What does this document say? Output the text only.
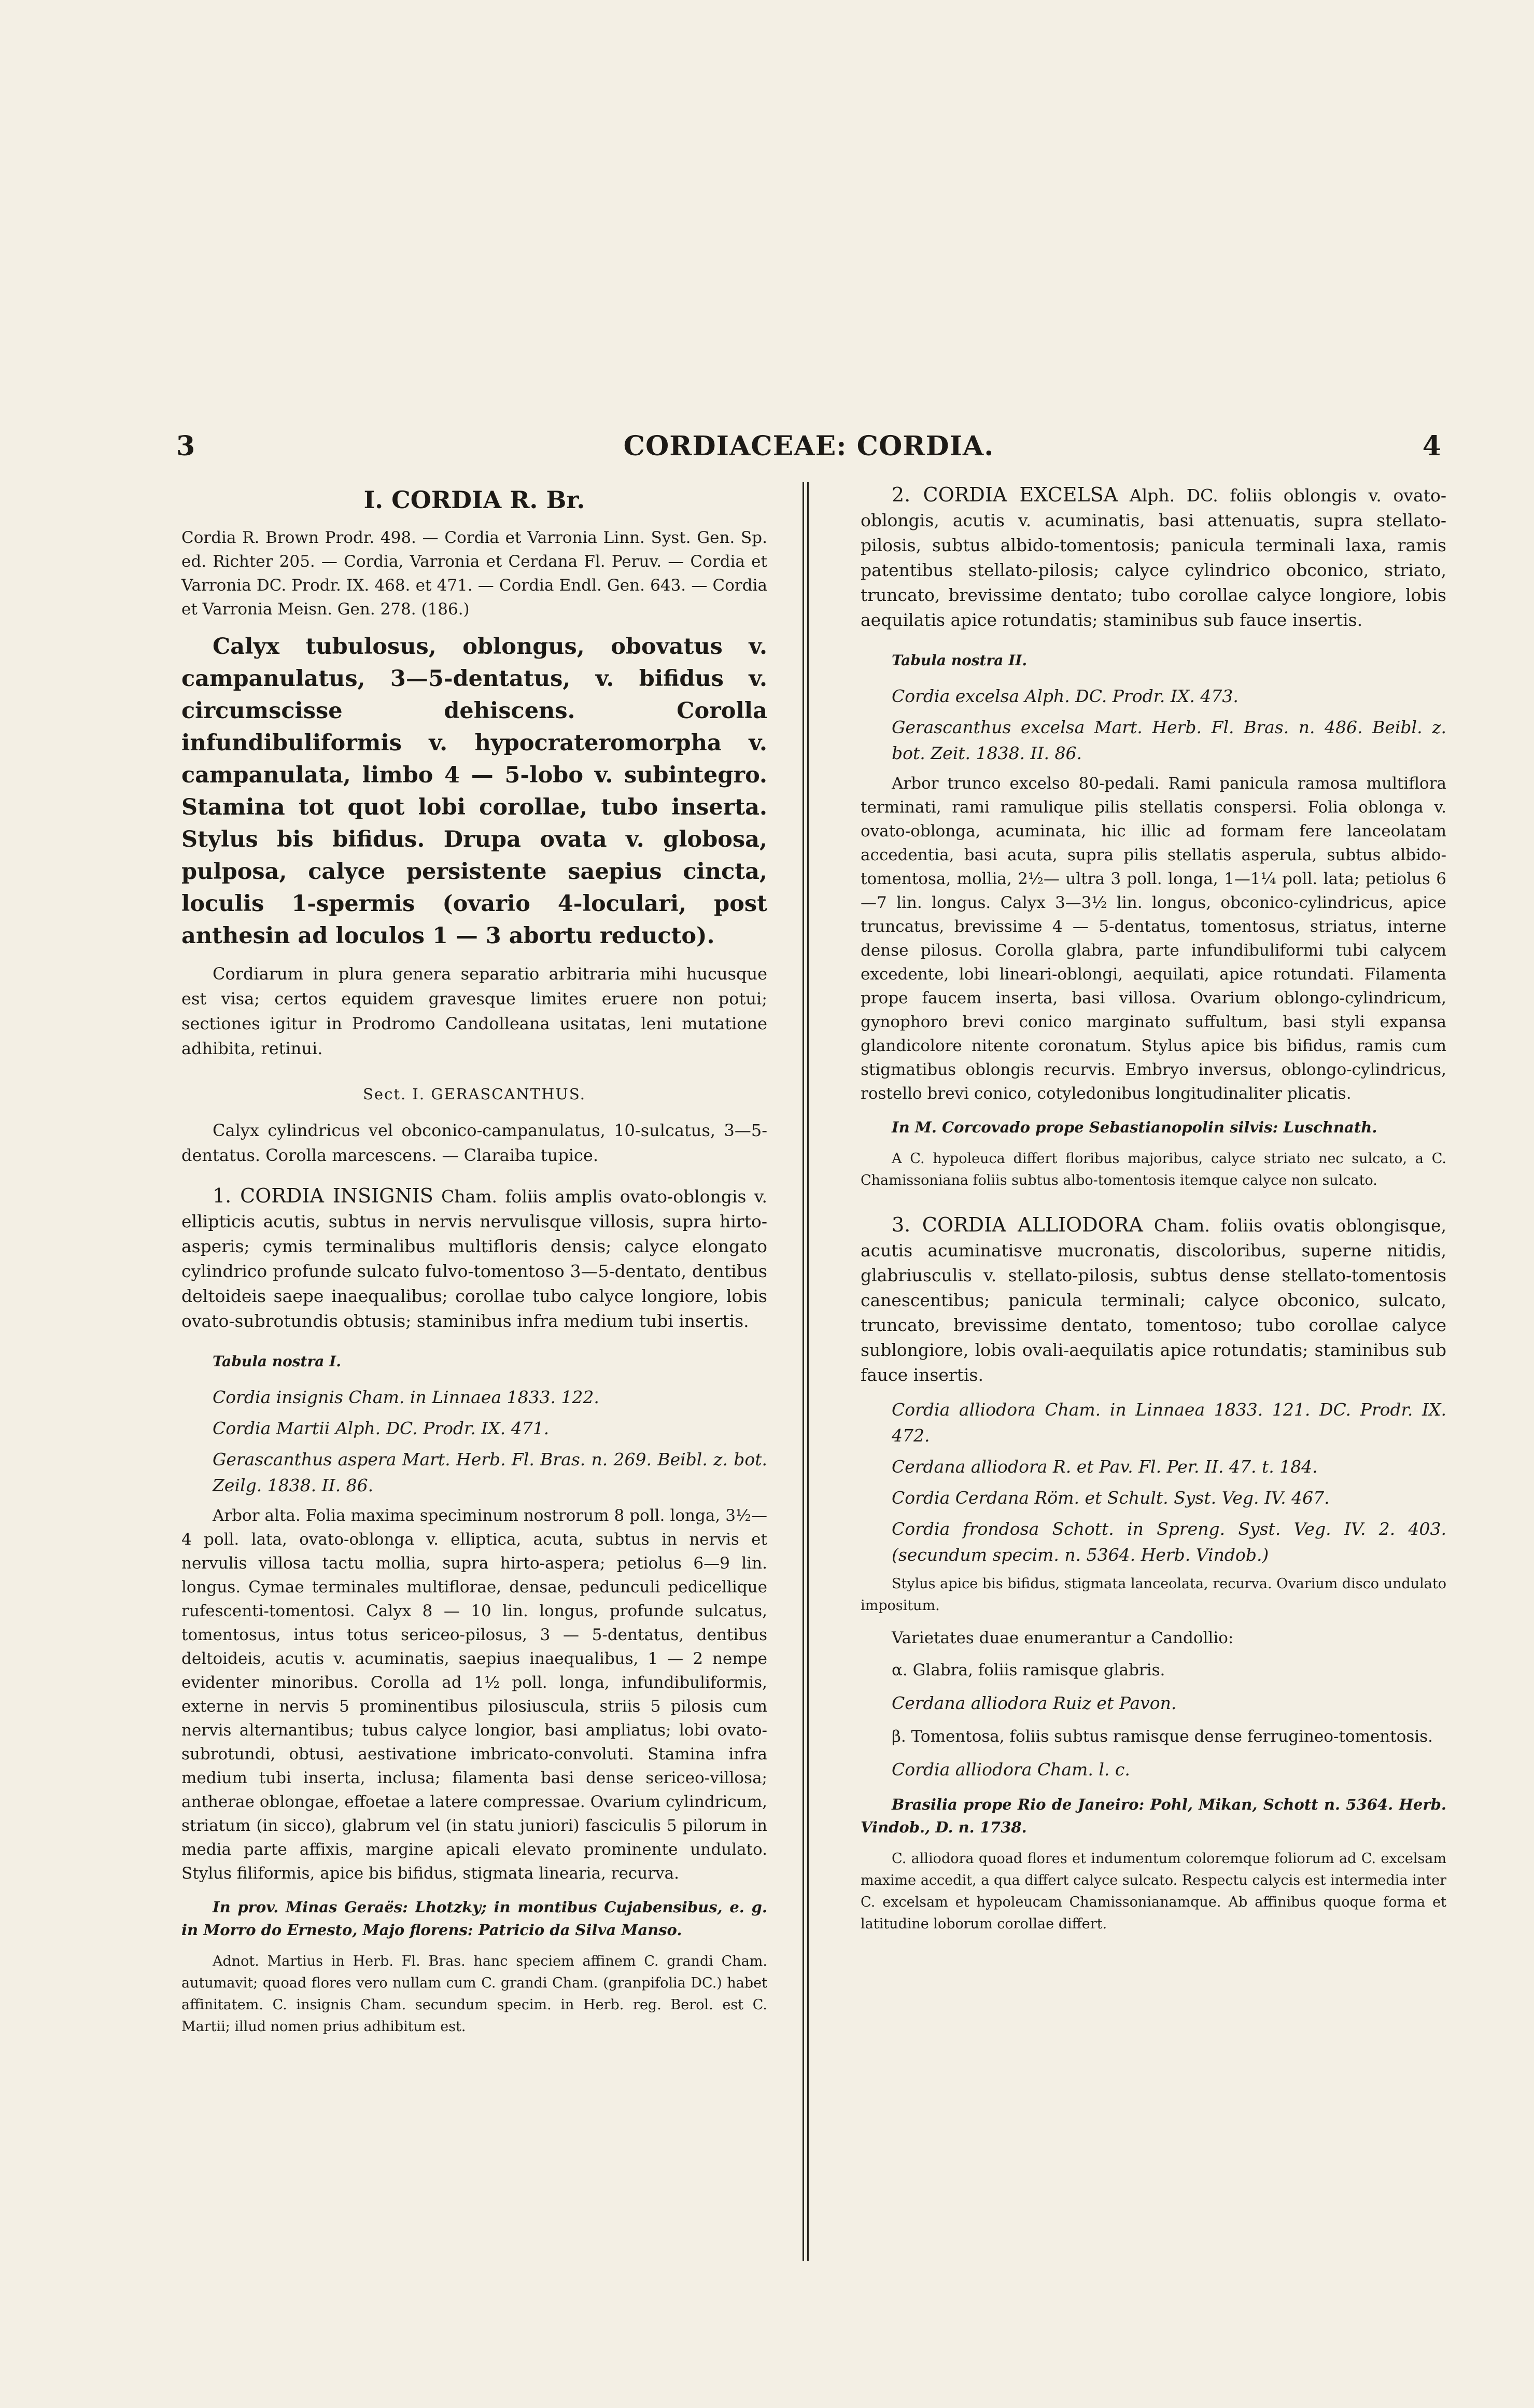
3	CORDIACEAE: CORDIA.	4
I. CORDIA R. Br.

Cordia R. Brown Prodr. 498. — Cordia et Varronia Linn. Syst. Gen. Sp. ed. Richter 205. — Cordia, Varronia et Cerdana Fl. Peruv. — Cordia et Varronia DC. Prodr. IX. 468. et 471. — Cordia Endl. Gen. 643. — Cordia et Varronia Meisn. Gen. 278. (186.)

Calyx tubulosus, oblongus, obovatus v. campanulatus, 3—5-dentatus, v. bifidus v. circumscisse dehiscens. Corolla infundibuliformis v. hypocrateromorpha v. campanulata, limbo 4 — 5-lobo v. subintegro. Stamina tot quot lobi corollae, tubo inserta. Stylus bis bifidus. Drupa ovata v. globosa, pulposa, calyce persistente saepius cincta, loculis 1-spermis (ovario 4-loculari, post anthesin ad loculos 1 — 3 abortu reducto).

Cordiarum in plura genera separatio arbitraria mihi hucusque est visa; certos equidem gravesque limites eruere non potui; sectiones igitur in Prodromo Candolleana usitatas, leni mutatione adhibita, retinui.

Sect. I. GERASCANTHUS.

Calyx cylindricus vel obconico-campanulatus, 10-sulcatus, 3—5-dentatus. Corolla marcescens. — Claraiba tupice.

1. CORDIA INSIGNIS Cham. foliis amplis ovato-oblongis v. ellipticis acutis, subtus in nervis nervulisque villosis, supra hirto-asperis; cymis terminalibus multifloris densis; calyce elongato cylindrico profunde sulcato fulvo-tomentoso 3—5-dentato, dentibus deltoideis saepe inaequalibus; corollae tubo calyce longiore, lobis ovato-subrotundis obtusis; staminibus infra medium tubi insertis.

Tabula nostra I.
Cordia insignis Cham. in Linnaea 1833. 122.
Cordia Martii Alph. DC. Prodr. IX. 471.
Gerascanthus aspera Mart. Herb. Fl. Bras. n. 269. Beibl. z. bot. Zeilg. 1838. II. 86.

Arbor alta. Folia maxima speciminum nostrorum 8 poll. longa, 3½—4 poll. lata, ovato-oblonga v. elliptica, acuta, subtus in nervis et nervulis villosa tactu mollia, supra hirto-aspera; petiolus 6—9 lin. longus. Cymae terminales multiflorae, densae, pedunculi pedicellique rufescenti-tomentosi. Calyx 8 — 10 lin. longus, profunde sulcatus, tomentosus, intus totus sericeo-pilosus, 3 — 5-dentatus, dentibus deltoideis, acutis v. acuminatis, saepius inaequalibus, 1 — 2 nempe evidenter minoribus. Corolla ad 1½ poll. longa, infundibuliformis, externe in nervis 5 prominentibus pilosiuscula, striis 5 pilosis cum nervis alternantibus; tubus calyce longior, basi ampliatus; lobi ovato-subrotundi, obtusi, aestivatione imbricato-convoluti. Stamina infra medium tubi inserta, inclusa; filamenta basi dense sericeo-villosa; antherae oblongae, effoetae a latere compressae. Ovarium cylindricum, striatum (in sicco), glabrum vel (in statu juniori) fasciculis 5 pilorum in media parte affixis, margine apicali elevato prominente undulato. Stylus filiformis, apice bis bifidus, stigmata linearia, recurva.

In prov. Minas Geraës: Lhotzky; in montibus Cujabensibus, e. g. in Morro do Ernesto, Majo florens: Patricio da Silva Manso.

Adnot. Martius in Herb. Fl. Bras. hanc speciem affinem C. grandi Cham. autumavit; quoad flores vero nullam cum C. grandi Cham. (granpifolia DC.) habet affinitatem. C. insignis Cham. secundum specim. in Herb. reg. Berol. est C. Martii; illud nomen prius adhibitum est.

2. CORDIA EXCELSA Alph. DC. foliis oblongis v. ovato-oblongis, acutis v. acuminatis, basi attenuatis, supra stellato-pilosis, subtus albido-tomentosis; panicula terminali laxa, ramis patentibus stellato-pilosis; calyce cylindrico obconico, striato, truncato, brevissime dentato; tubo corollae calyce longiore, lobis aequilatis apice rotundatis; staminibus sub fauce insertis.

Tabula nostra II.
Cordia excelsa Alph. DC. Prodr. IX. 473.
Gerascanthus excelsa Mart. Herb. Fl. Bras. n. 486. Beibl. z. bot. Zeit. 1838. II. 86.

Arbor trunco excelso 80-pedali. Rami panicula ramosa multiflora terminati, rami ramulique pilis stellatis conspersi. Folia oblonga v. ovato-oblonga, acuminata, hic illic ad formam fere lanceolatam accedentia, basi acuta, supra pilis stellatis asperula, subtus albido-tomentosa, mollia, 2½— ultra 3 poll. longa, 1—1¼ poll. lata; petiolus 6—7 lin. longus. Calyx 3—3½ lin. longus, obconico-cylindricus, apice truncatus, brevissime 4 — 5-dentatus, tomentosus, striatus, interne dense pilosus. Corolla glabra, parte infundibuliformi tubi calycem excedente, lobi lineari-oblongi, aequilati, apice rotundati. Filamenta prope faucem inserta, basi villosa. Ovarium oblongo-cylindricum, gynophoro brevi conico marginato suffultum, basi styli expansa glandicolore nitente coronatum. Stylus apice bis bifidus, ramis cum stigmatibus oblongis recurvis. Embryo inversus, oblongo-cylindricus, rostello brevi conico, cotyledonibus longitudinaliter plicatis.

In M. Corcovado prope Sebastianopolin silvis: Luschnath.

A C. hypoleuca differt floribus majoribus, calyce striato nec sulcato, a C. Chamissoniana foliis subtus albo-tomentosis itemque calyce non sulcato.

3. CORDIA ALLIODORA Cham. foliis ovatis oblongisque, acutis acuminatisve mucronatis, discoloribus, superne nitidis, glabriusculis v. stellato-pilosis, subtus dense stellato-tomentosis canescentibus; panicula terminali; calyce obconico, sulcato, truncato, brevissime dentato, tomentoso; tubo corollae calyce sublongiore, lobis ovali-aequilatis apice rotundatis; staminibus sub fauce insertis.

Cordia alliodora Cham. in Linnaea 1833. 121. DC. Prodr. IX. 472.
Cerdana alliodora R. et Pav. Fl. Per. II. 47. t. 184.
Cordia Cerdana Röm. et Schult. Syst. Veg. IV. 467.
Cordia frondosa Schott. in Spreng. Syst. Veg. IV. 2. 403. (secundum specim. n. 5364. Herb. Vindob.)

Stylus apice bis bifidus, stigmata lanceolata, recurva. Ovarium disco undulato impositum.

Varietates duae enumerantur a Candollio:

α. Glabra, foliis ramisque glabris.

Cerdana alliodora Ruiz et Pavon.

β. Tomentosa, foliis subtus ramisque dense ferrugineo-tomentosis.

Cordia alliodora Cham. l. c.

Brasilia prope Rio de Janeiro: Pohl, Mikan, Schott n. 5364. Herb. Vindob., D. n. 1738.

C. alliodora quoad flores et indumentum coloremque foliorum ad C. excelsam maxime accedit, a qua differt calyce sulcato. Respectu calycis est intermedia inter C. excelsam et hypoleucam Chamissonianamque. Ab affinibus quoque forma et latitudine loborum corollae differt.
